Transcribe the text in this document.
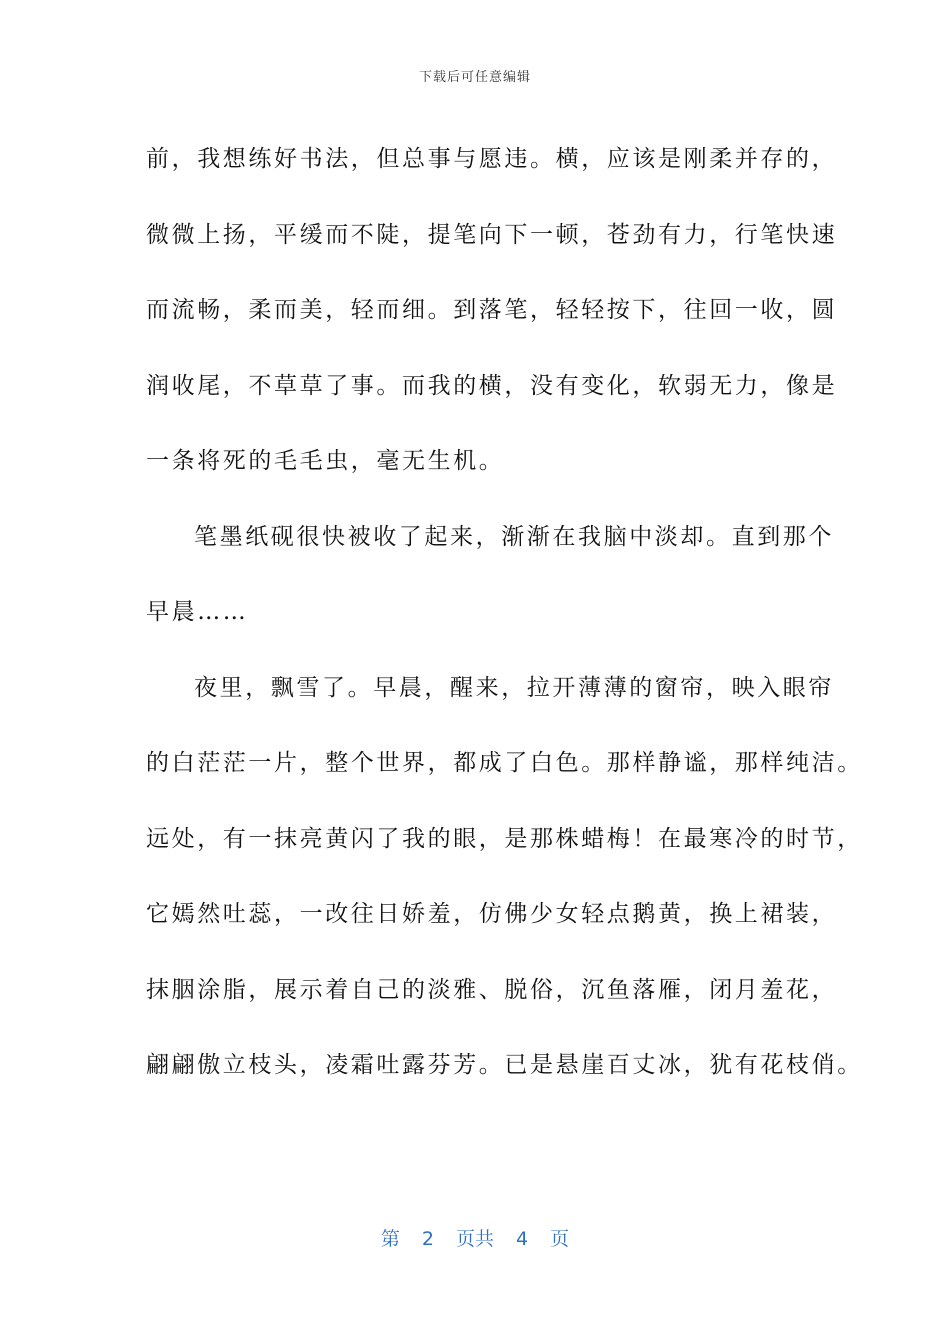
下载后可任意编辑
前，我想练好书法，但总事与愿违。横，应该是刚柔并存的，
微微上扬，平缓而不陡，提笔向下一顿，苍劲有力，行笔快速
而流畅，柔而美，轻而细。到落笔，轻轻按下，往回一收，圆
润收尾，不草草了事。而我的横，没有变化，软弱无力，像是
一条将死的毛毛虫，毫无生机。
笔墨纸砚很快被收了起来，渐渐在我脑中淡却。直到那个
早晨……
夜里，飘雪了。早晨，醒来，拉开薄薄的窗帘，映入眼帘
的白茫茫一片，整个世界，都成了白色。那样静谧，那样纯洁。
远处，有一抹亮黄闪了我的眼，是那株蜡梅！在最寒冷的时节，
它嫣然吐蕊，一改往日娇羞，仿佛少女轻点鹅黄，换上裙装，
抹胭涂脂，展示着自己的淡雅、脱俗，沉鱼落雁，闭月羞花，
翩翩傲立枝头，凌霜吐露芬芳。已是悬崖百丈冰，犹有花枝俏。
第 2 页共 4 页
